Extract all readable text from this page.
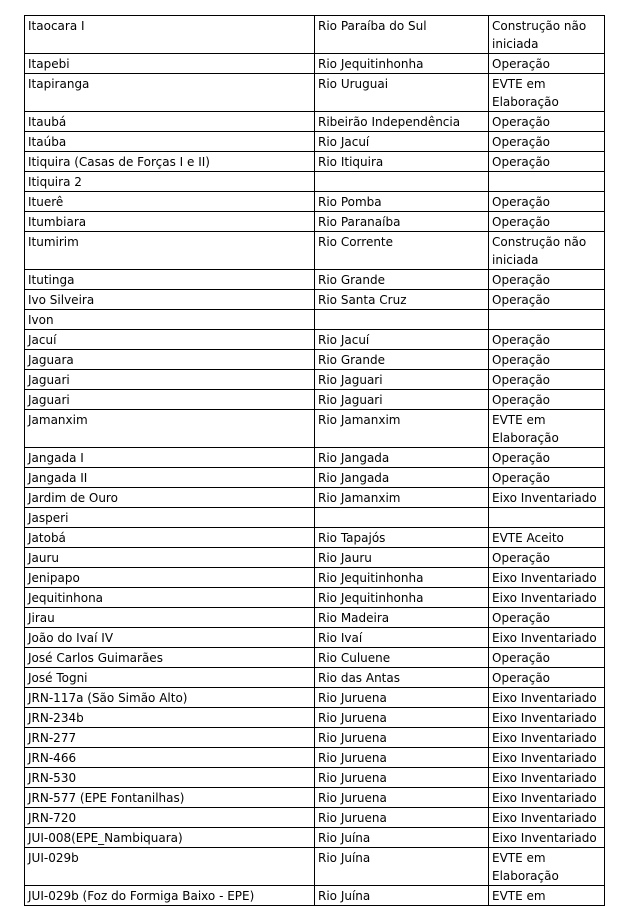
Itaocara I	Rio Paraíba do Sul	Construção não iniciada
Itapebi	Rio Jequitinhonha	Operação
Itapiranga	Rio Uruguai	EVTE em Elaboração
Itaubá	Ribeirão Independência	Operação
Itaúba	Rio Jacuí	Operação
Itiquira (Casas de Forças I e II)	Rio Itiquira	Operação
Itiquira 2		
Ituerê	Rio Pomba	Operação
Itumbiara	Rio Paranaíba	Operação
Itumirim	Rio Corrente	Construção não iniciada
Itutinga	Rio Grande	Operação
Ivo Silveira	Rio Santa Cruz	Operação
Ivon		
Jacuí	Rio Jacuí	Operação
Jaguara	Rio Grande	Operação
Jaguari	Rio Jaguari	Operação
Jaguari	Rio Jaguari	Operação
Jamanxim	Rio Jamanxim	EVTE em Elaboração
Jangada I	Rio Jangada	Operação
Jangada II	Rio Jangada	Operação
Jardim de Ouro	Rio Jamanxim	Eixo Inventariado
Jasperi		
Jatobá	Rio Tapajós	EVTE Aceito
Jauru	Rio Jauru	Operação
Jenipapo	Rio Jequitinhonha	Eixo Inventariado
Jequitinhona	Rio Jequitinhonha	Eixo Inventariado
Jirau	Rio Madeira	Operação
João do Ivaí IV	Rio Ivaí	Eixo Inventariado
José Carlos Guimarães	Rio Culuene	Operação
José Togni	Rio das Antas	Operação
JRN-117a (São Simão Alto)	Rio Juruena	Eixo Inventariado
JRN-234b	Rio Juruena	Eixo Inventariado
JRN-277	Rio Juruena	Eixo Inventariado
JRN-466	Rio Juruena	Eixo Inventariado
JRN-530	Rio Juruena	Eixo Inventariado
JRN-577 (EPE Fontanilhas)	Rio Juruena	Eixo Inventariado
JRN-720	Rio Juruena	Eixo Inventariado
JUI-008(EPE_Nambiquara)	Rio Juína	Eixo Inventariado
JUI-029b	Rio Juína	EVTE em Elaboração
JUI-029b (Foz do Formiga Baixo - EPE)	Rio Juína	EVTE em
